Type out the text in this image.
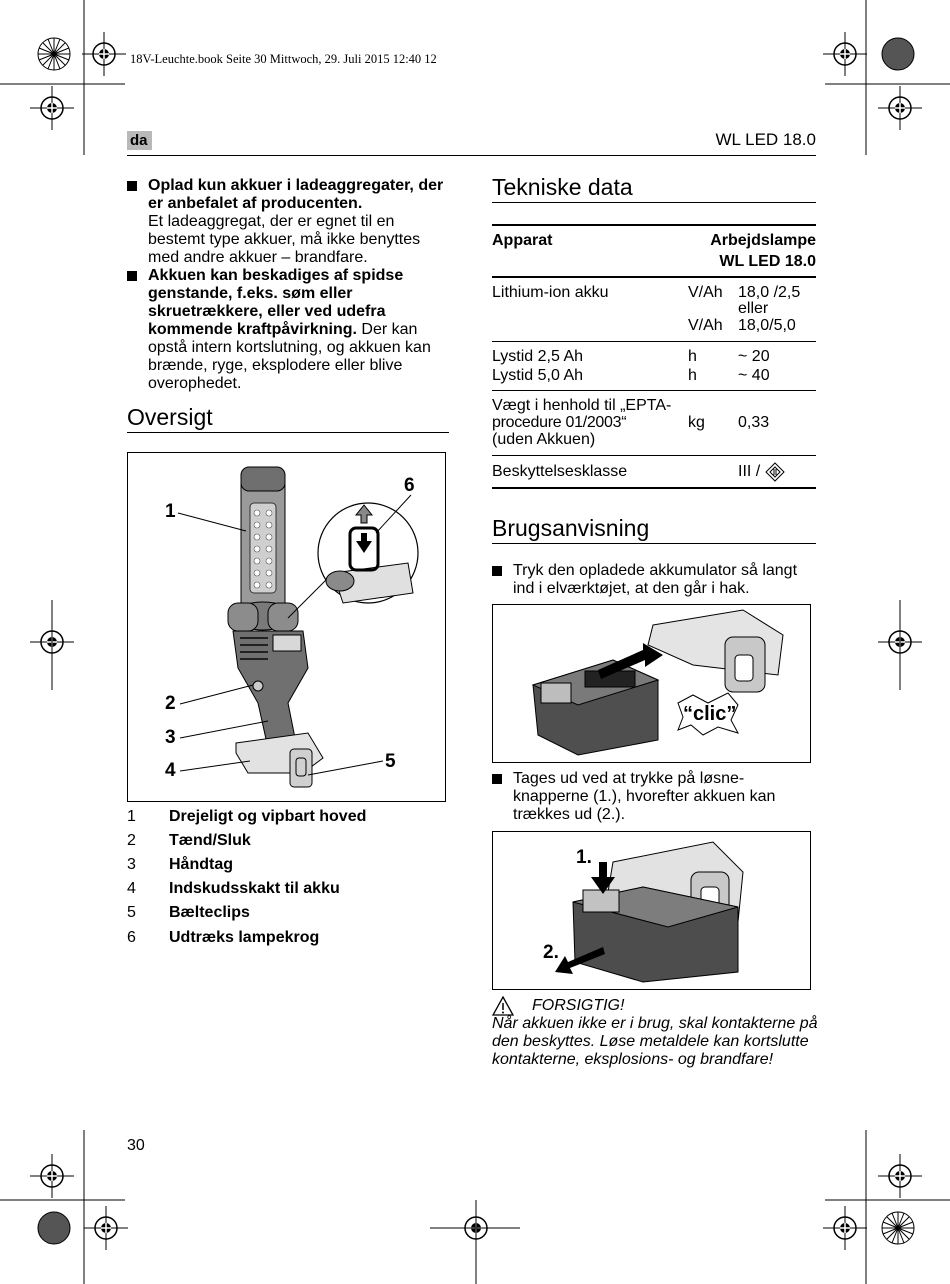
18V-Leuchte.book Seite 30 Mittwoch, 29. Juli 2015 12:40 12
da	WL LED 18.0
Oplad kun akkuer i ladeaggregater, der er anbefalet af producenten.
Et ladeaggregat, der er egnet til en bestemt type akkuer, må ikke benyttes med andre akkuer – brandfare.
Akkuen kan beskadiges af spidse genstande, f.eks. søm eller skruetrækkere, eller ved udefra kommende kraftpåvirkning. Der kan opstå intern kortslutning, og akkuen kan brænde, ryge, eksplodere eller blive overophedet.
Oversigt
1
2
3
4	5
6
1 Drejeligt og vipbart hoved
2 Tænd/Sluk
3 Håndtag
4 Indskudsskakt til akku
5 Bælteclips
6 Udtræks lampekrog
Tekniske data
Apparat	Arbejdslampe
WL LED 18.0
Lithium-ion akku	V/Ah 18,0 /2,5
eller
V/Ah 18,0/5,0
Lystid 2,5 Ah	h	~ 20
Lystid 5,0 Ah	h	~ 40
Vægt i henhold til „EPTA-
procedure 01/2003“
(uden Akkuen)
kg 0,33
Beskyttelsesklasse	III /
Brugsanvisning
Tryk den opladede akkumulator så langt ind i elværktøjet, at den går i hak.
“clic”
Tages ud ved at trykke på løsne-knapperne (1.), hvorefter akkuen kan trækkes ud (2.).
1.
2.
FORSIGTIG!
Når akkuen ikke er i brug, skal kontakterne på den beskyttes. Løse metaldele kan kortslutte kontakterne, eksplosions- og brandfare!
30
